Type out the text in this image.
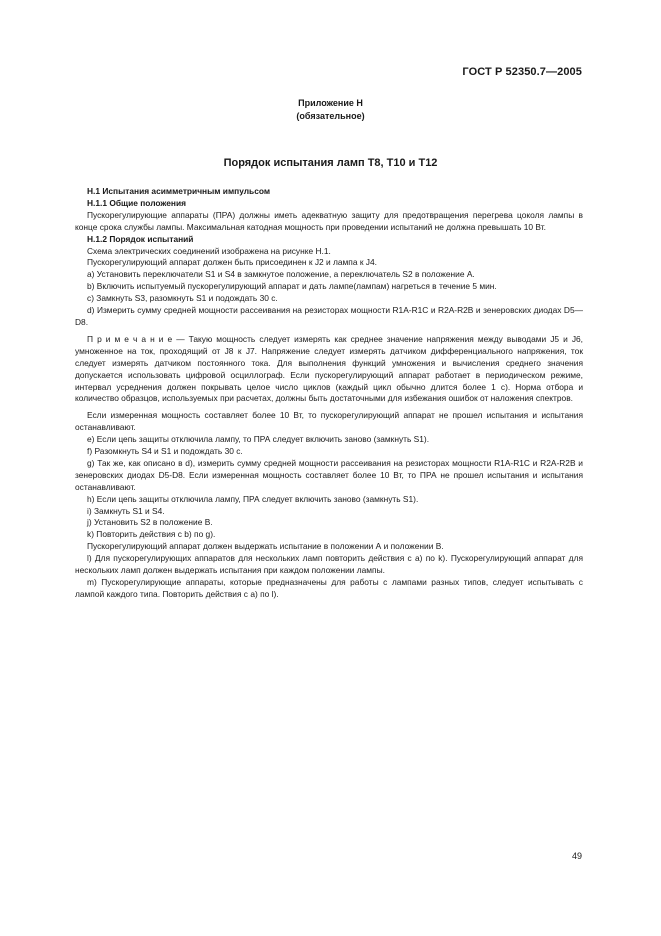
ГОСТ Р 52350.7—2005
Приложение Н
(обязательное)
Порядок испытания ламп Т8, Т10 и Т12

Н.1 Испытания асимметричным импульсом

Н.1.1 Общие положения

Пускорегулирующие аппараты (ПРА) должны иметь адекватную защиту для предотвращения перегрева цоколя лампы в конце срока службы лампы. Максимальная катодная мощность при проведении испытаний не должна превышать 10 Вт.

Н.1.2 Порядок испытаний

Схема электрических соединений изображена на рисунке Н.1.

Пускорегулирующий аппарат должен быть присоединен к J2 и лампа к J4.

а) Установить переключатели S1 и S4 в замкнутое положение, а переключатель S2 в положение А.

b) Включить испытуемый пускорегулирующий аппарат и дать лампе(лампам) нагреться в течение 5 мин.

с) Замкнуть S3, разомкнуть S1 и подождать 30 с.

d) Измерить сумму средней мощности рассеивания на резисторах мощности R1A-R1C и R2A-R2B и зенеровских диодах D5—D8.

П р и м е ч а н и е — Такую мощность следует измерять как среднее значение напряжения между выводами J5 и J6, умноженное на ток, проходящий от J8 к J7. Напряжение следует измерять датчиком дифференциального напряжения, ток следует измерять датчиком постоянного тока. Для выполнения функций умножения и вычисления среднего значения допускается использовать цифровой осциллограф. Если пускорегулирующий аппарат работает в периодическом режиме, интервал усреднения должен покрывать целое число циклов (каждый цикл обычно длится более 1 с). Норма отбора и количество образцов, используемых при расчетах, должны быть достаточными для избежания ошибок от наложения спектров.

Если измеренная мощность составляет более 10 Вт, то пускорегулирующий аппарат не прошел испытания и испытания останавливают.

е) Если цепь защиты отключила лампу, то ПРА следует включить заново (замкнуть S1).

f) Разомкнуть S4 и S1 и подождать 30 с.

g) Так же, как описано в d), измерить сумму средней мощности рассеивания на резисторах мощности R1A-R1C и R2A-R2B и зенеровских диодах D5-D8. Если измеренная мощность составляет более 10 Вт, то ПРА не прошел испытания и испытания останавливают.

h) Если цепь защиты отключила лампу, ПРА следует включить заново (замкнуть S1).

i) Замкнуть S1 и S4.

j) Установить S2 в положение В.

k) Повторить действия с b) по g).

Пускорегулирующий аппарат должен выдержать испытание в положении А и положении В.

l) Для пускорегулирующих аппаратов для нескольких ламп повторить действия с а) по k). Пускорегулирующий аппарат для нескольких ламп должен выдержать испытания при каждом положении лампы.

m) Пускорегулирующие аппараты, которые предназначены для работы с лампами разных типов, следует испытывать с лампой каждого типа. Повторить действия с а) по l).

49
